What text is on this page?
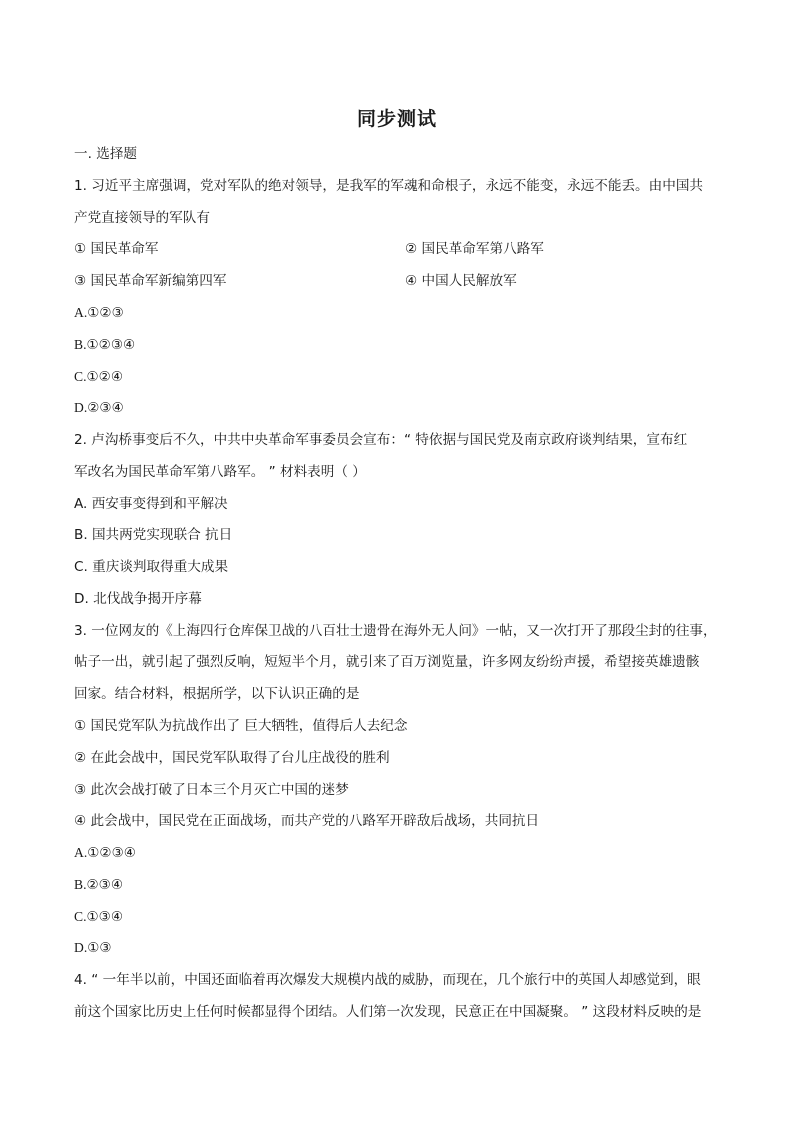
同步测试
一. 选择题
1. 习近平主席强调，党对军队的绝对领导，是我军的军魂和命根子，永远不能变，永远不能丢。由中国共
产党直接领导的军队有
① 国民革命军	② 国民革命军第八路军
③ 国民革命军新编第四军	④ 中国人民解放军
A.①②③
B.①②③④
C.①②④
D.②③④
2. 卢沟桥事变后不久，中共中央革命军事委员会宣布：“ 特依据与国民党及南京政府谈判结果，宣布红
军改名为国民革命军第八路军。 ” 材料表明（ ）
A. 西安事变得到和平解决
B. 国共两党实现联合 抗日
C. 重庆谈判取得重大成果
D. 北伐战争揭开序幕
3. 一位网友的《上海四行仓库保卫战的八百壮士遗骨在海外无人问》一帖，又一次打开了那段尘封的往事，
帖子一出，就引起了强烈反响，短短半个月，就引来了百万浏览量，许多网友纷纷声援，希望接英雄遗骸
回家。结合材料，根据所学，以下认识正确的是
① 国民党军队为抗战作出了 巨大牺牲，值得后人去纪念
② 在此会战中，国民党军队取得了台儿庄战役的胜利
③ 此次会战打破了日本三个月灭亡中国的迷梦
④ 此会战中，国民党在正面战场，而共产党的八路军开辟敌后战场，共同抗日
A.①②③④
B.②③④
C.①③④
D.①③
4. “ 一年半以前，中国还面临着再次爆发大规模内战的威胁，而现在，几个旅行中的英国人却感觉到，眼
前这个国家比历史上任何时候都显得个团结。人们第一次发现，民意正在中国凝聚。 ” 这段材料反映的是
